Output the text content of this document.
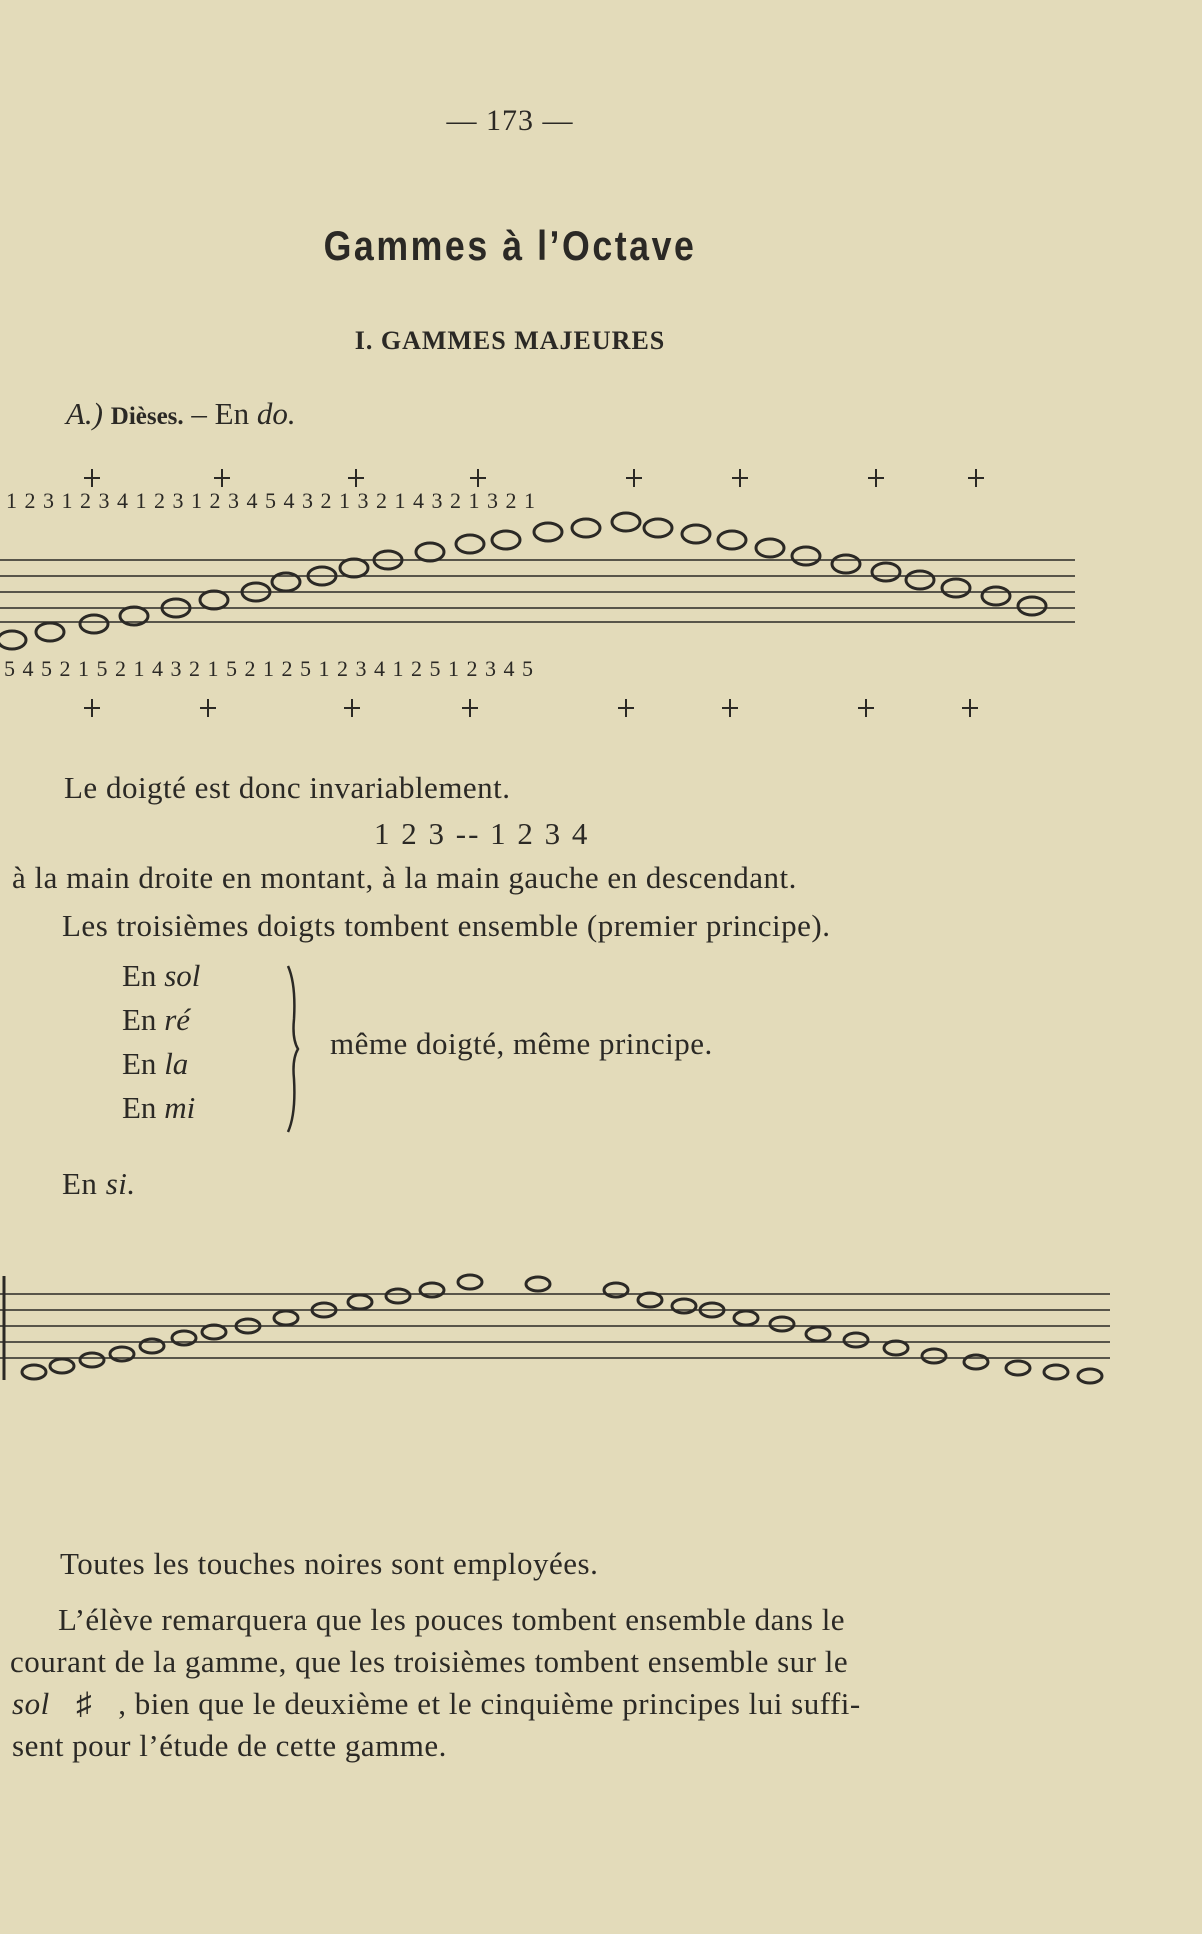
— 173 —
Gammes à l’Octave
I. GAMMES MAJEURES
A.) Dièses. – En do.
1 2 3 1 2 3 4 1 2 3 1 2 3 4 5 4 3 2 1 3 2 1 4 3 2 1 3 2 1
5 4 5 2 1 5 2 1 4 3 2 1 5 2 1 2 5 1 2 3 4 1 2 5 1 2 3 4 5
Le doigté est donc invariablement.
1 2 3 -- 1 2 3 4
à la main droite en montant, à la main gauche en descendant.
Les troisièmes doigts tombent ensemble (premier principe).
En sol
En ré
En la
En mi
même doigté, même principe.
En si.
Toutes les touches noires sont employées.
L’élève remarquera que les pouces tombent ensemble dans le
courant de la gamme, que les troisièmes tombent ensemble sur le
sol ♯ , bien que le deuxième et le cinquième principes lui suffi-
sent pour l’étude de cette gamme.
